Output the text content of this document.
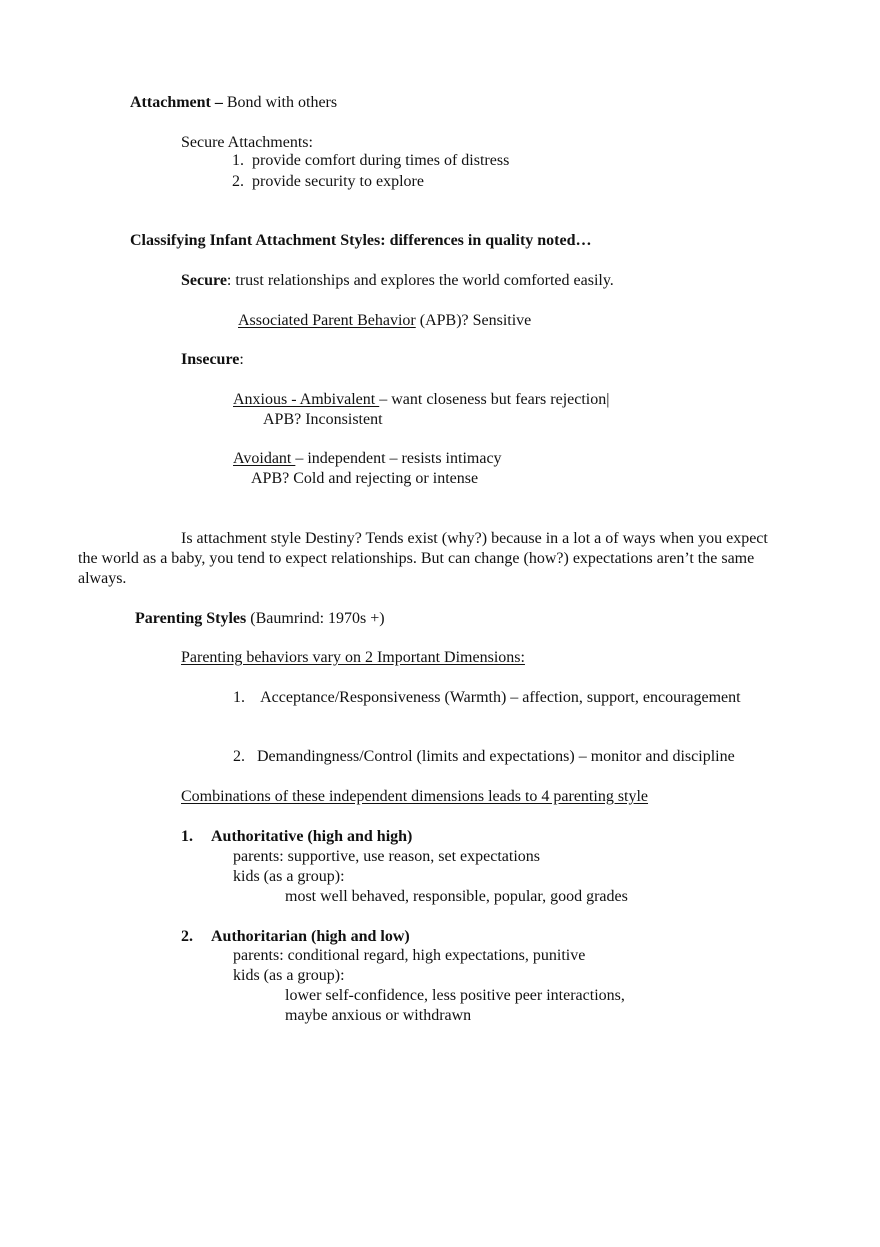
Attachment – Bond with others
Secure Attachments:
1. provide comfort during times of distress
2. provide security to explore
Classifying Infant Attachment Styles: differences in quality noted…
Secure: trust relationships and explores the world comforted easily.
Associated Parent Behavior (APB)? Sensitive
Insecure:
Anxious - Ambivalent – want closeness but fears rejection|
APB? Inconsistent
Avoidant – independent – resists intimacy
APB? Cold and rejecting or intense
Is attachment style Destiny? Tends exist (why?) because in a lot a of ways when you expect
the world as a baby, you tend to expect relationships. But can change (how?) expectations aren’t the same
always.
Parenting Styles (Baumrind: 1970s +)
Parenting behaviors vary on 2 Important Dimensions:
1. Acceptance/Responsiveness (Warmth) – affection, support, encouragement
2. Demandingness/Control (limits and expectations) – monitor and discipline
Combinations of these independent dimensions leads to 4 parenting style
1. Authoritative (high and high)
parents: supportive, use reason, set expectations
kids (as a group):
most well behaved, responsible, popular, good grades
2. Authoritarian (high and low)
parents: conditional regard, high expectations, punitive
kids (as a group):
lower self-confidence, less positive peer interactions,
maybe anxious or withdrawn
